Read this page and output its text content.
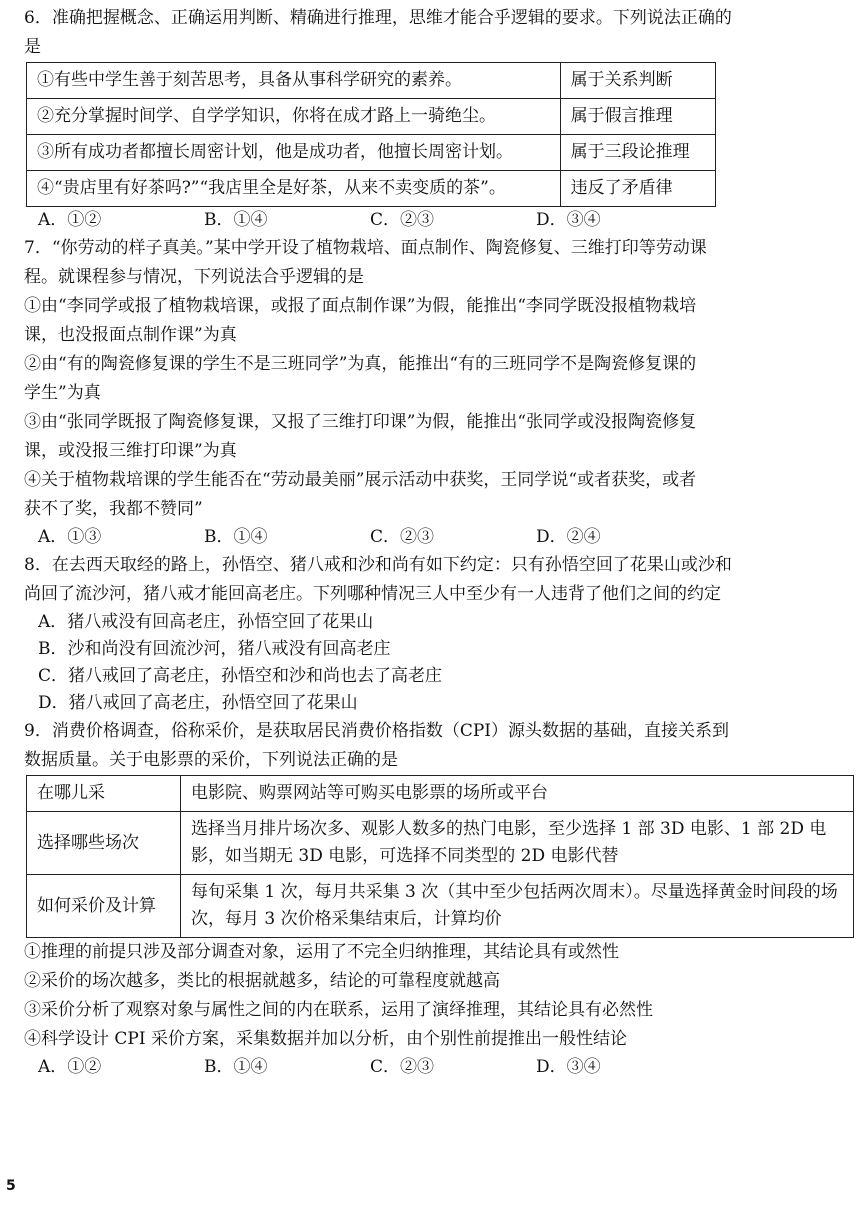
6．准确把握概念、正确运用判断、精确进行推理，思维才能合乎逻辑的要求。下列说法正确的
是
①有些中学生善于刻苦思考，具备从事科学研究的素养。	属于关系判断
②充分掌握时间学、自学学知识，你将在成才路上一骑绝尘。	属于假言推理
③所有成功者都擅长周密计划，他是成功者，他擅长周密计划。	属于三段论推理
④“贵店里有好茶吗?”“我店里全是好茶，从来不卖变质的茶”。	违反了矛盾律
A．①②	B．①④	C．②③	D．③④
7．“你劳动的样子真美。”某中学开设了植物栽培、面点制作、陶瓷修复、三维打印等劳动课
程。就课程参与情况，下列说法合乎逻辑的是
①由“李同学或报了植物栽培课，或报了面点制作课”为假，能推出“李同学既没报植物栽培
课，也没报面点制作课”为真
②由“有的陶瓷修复课的学生不是三班同学”为真，能推出“有的三班同学不是陶瓷修复课的
学生”为真
③由“张同学既报了陶瓷修复课，又报了三维打印课”为假，能推出“张同学或没报陶瓷修复
课，或没报三维打印课”为真
④关于植物栽培课的学生能否在“劳动最美丽”展示活动中获奖，王同学说“或者获奖，或者
获不了奖，我都不赞同”
A．①③	B．①④	C．②③	D．②④
8．在去西天取经的路上，孙悟空、猪八戒和沙和尚有如下约定：只有孙悟空回了花果山或沙和
尚回了流沙河，猪八戒才能回高老庄。下列哪种情况三人中至少有一人违背了他们之间的约定
A．猪八戒没有回高老庄，孙悟空回了花果山
B．沙和尚没有回流沙河，猪八戒没有回高老庄
C．猪八戒回了高老庄，孙悟空和沙和尚也去了高老庄
D．猪八戒回了高老庄，孙悟空回了花果山
9．消费价格调查，俗称采价，是获取居民消费价格指数（CPI）源头数据的基础，直接关系到
数据质量。关于电影票的采价，下列说法正确的是
在哪儿采	电影院、购票网站等可购买电影票的场所或平台
选择哪些场次	选择当月排片场次多、观影人数多的热门电影，至少选择 1 部 3D 电影、1 部 2D 电影，如当期无 3D 电影，可选择不同类型的 2D 电影代替
如何采价及计算	每旬采集 1 次，每月共采集 3 次（其中至少包括两次周末）。尽量选择黄金时间段的场次，每月 3 次价格采集结束后，计算均价
①推理的前提只涉及部分调查对象，运用了不完全归纳推理，其结论具有或然性
②采价的场次越多，类比的根据就越多，结论的可靠程度就越高
③采价分析了观察对象与属性之间的内在联系，运用了演绎推理，其结论具有必然性
④科学设计 CPI 采价方案，采集数据并加以分析，由个别性前提推出一般性结论
A．①②	B．①④	C．②③	D．③④
5
